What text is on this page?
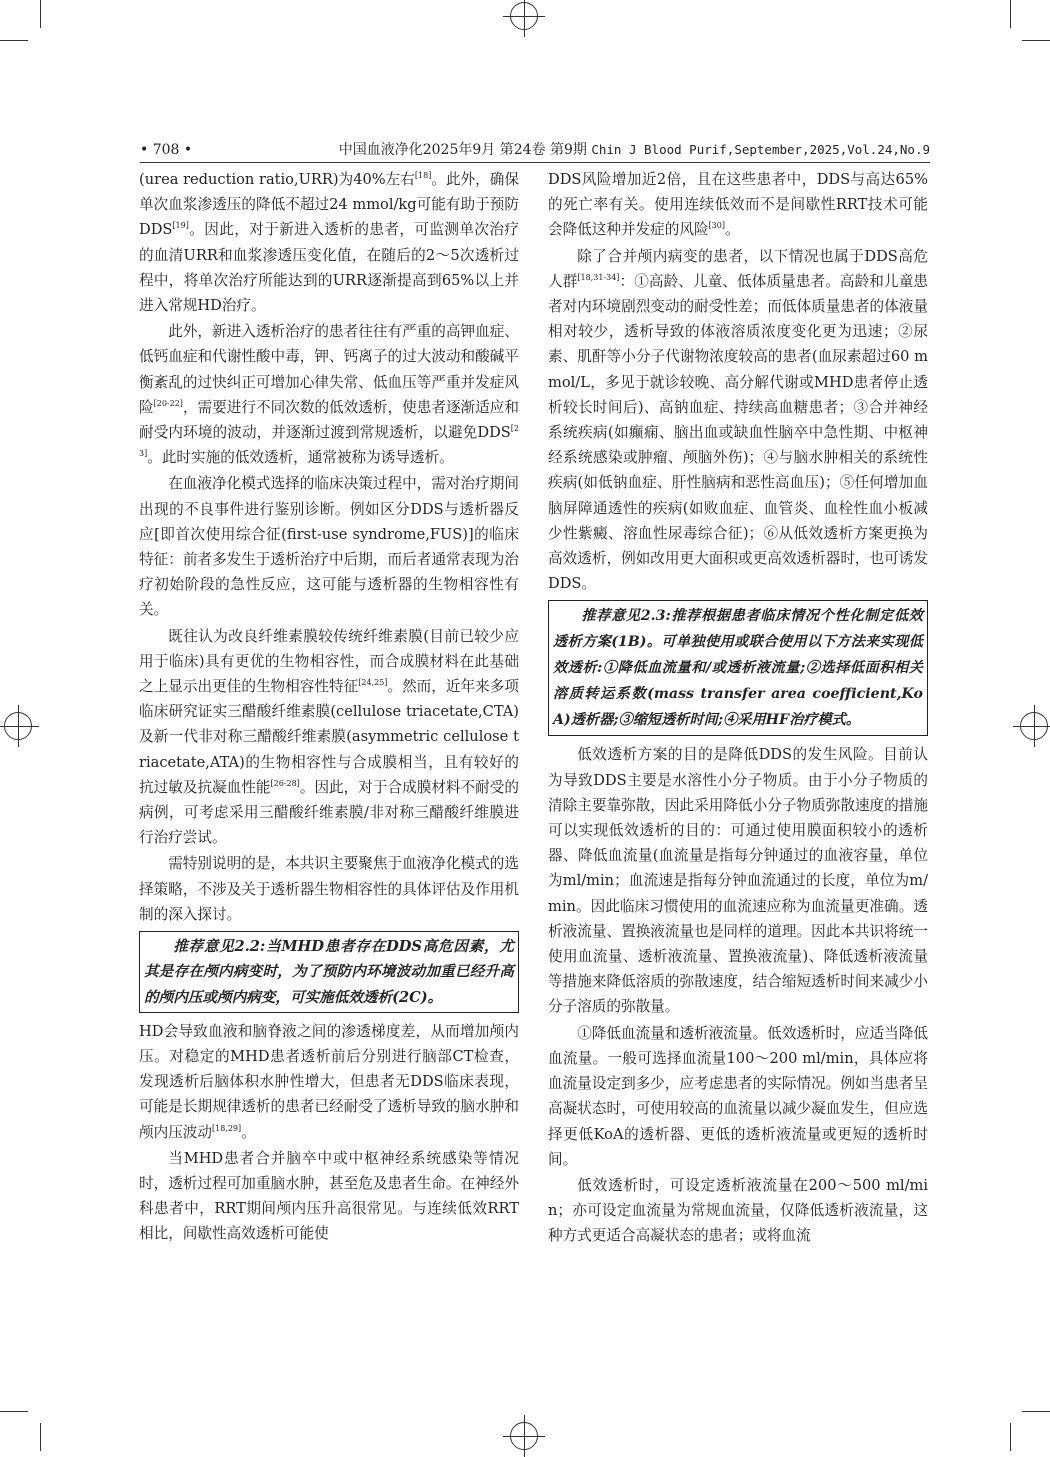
• 708 •	中国血液净化2025年9月 第24卷 第9期 Chin J Blood Purif,September,2025,Vol.24,No.9

(urea reduction ratio,URR)为40%左右[18]。此外，确保单次血浆渗透压的降低不超过24 mmol/kg可能有助于预防DDS[19]。因此，对于新进入透析的患者，可监测单次治疗的血清URR和血浆渗透压变化值，在随后的2～5次透析过程中，将单次治疗所能达到的URR逐渐提高到65%以上并进入常规HD治疗。

此外，新进入透析治疗的患者往往有严重的高钾血症、低钙血症和代谢性酸中毒，钾、钙离子的过大波动和酸碱平衡紊乱的过快纠正可增加心律失常、低血压等严重并发症风险[20-22]，需要进行不同次数的低效透析，使患者逐渐适应和耐受内环境的波动，并逐渐过渡到常规透析，以避免DDS[23]。此时实施的低效透析，通常被称为诱导透析。

在血液净化模式选择的临床决策过程中，需对治疗期间出现的不良事件进行鉴别诊断。例如区分DDS与透析器反应[即首次使用综合征(first-use syndrome,FUS)]的临床特征：前者多发生于透析治疗中后期，而后者通常表现为治疗初始阶段的急性反应，这可能与透析器的生物相容性有关。

既往认为改良纤维素膜较传统纤维素膜(目前已较少应用于临床)具有更优的生物相容性，而合成膜材料在此基础之上显示出更佳的生物相容性特征[24,25]。然而，近年来多项临床研究证实三醋酸纤维素膜(cellulose triacetate,CTA)及新一代非对称三醋酸纤维素膜(asymmetric cellulose triacetate,ATA)的生物相容性与合成膜相当，且有较好的抗过敏及抗凝血性能[26-28]。因此，对于合成膜材料不耐受的病例，可考虑采用三醋酸纤维素膜/非对称三醋酸纤维膜进行治疗尝试。

需特别说明的是，本共识主要聚焦于血液净化模式的选择策略，不涉及关于透析器生物相容性的具体评估及作用机制的深入探讨。

推荐意见2.2:当MHD患者存在DDS高危因素，尤其是存在颅内病变时，为了预防内环境波动加重已经升高的颅内压或颅内病变，可实施低效透析(2C)。

HD会导致血液和脑脊液之间的渗透梯度差，从而增加颅内压。对稳定的MHD患者透析前后分别进行脑部CT检查，发现透析后脑体积水肿性增大，但患者无DDS临床表现，可能是长期规律透析的患者已经耐受了透析导致的脑水肿和颅内压波动[18,29]。

当MHD患者合并脑卒中或中枢神经系统感染等情况时，透析过程可加重脑水肿，甚至危及患者生命。在神经外科患者中，RRT期间颅内压升高很常见。与连续低效RRT相比，间歇性高效透析可能使

DDS风险增加近2倍，且在这些患者中，DDS与高达65%的死亡率有关。使用连续低效而不是间歇性RRT技术可能会降低这种并发症的风险[30]。

除了合并颅内病变的患者，以下情况也属于DDS高危人群[18,31-34]：①高龄、儿童、低体质量患者。高龄和儿童患者对内环境剧烈变动的耐受性差；而低体质量患者的体液量相对较少，透析导致的体液溶质浓度变化更为迅速；②尿素、肌酐等小分子代谢物浓度较高的患者(血尿素超过60 mmol/L，多见于就诊较晚、高分解代谢或MHD患者停止透析较长时间后)、高钠血症、持续高血糖患者；③合并神经系统疾病(如癫痫、脑出血或缺血性脑卒中急性期、中枢神经系统感染或肿瘤、颅脑外伤)；④与脑水肿相关的系统性疾病(如低钠血症、肝性脑病和恶性高血压)；⑤任何增加血脑屏障通透性的疾病(如败血症、血管炎、血栓性血小板减少性紫癜、溶血性尿毒综合征)；⑥从低效透析方案更换为高效透析，例如改用更大面积或更高效透析器时，也可诱发DDS。

推荐意见2.3:推荐根据患者临床情况个性化制定低效透析方案(1B)。可单独使用或联合使用以下方法来实现低效透析:①降低血流量和/或透析液流量;②选择低面积相关溶质转运系数(mass transfer area coefficient,KoA)透析器;③缩短透析时间;④采用HF治疗模式。

低效透析方案的目的是降低DDS的发生风险。目前认为导致DDS主要是水溶性小分子物质。由于小分子物质的清除主要靠弥散，因此采用降低小分子物质弥散速度的措施可以实现低效透析的目的：可通过使用膜面积较小的透析器、降低血流量(血流量是指每分钟通过的血液容量，单位为ml/min；血流速是指每分钟血流通过的长度，单位为m/min。因此临床习惯使用的血流速应称为血流量更准确。透析液流量、置换液流量也是同样的道理。因此本共识将统一使用血流量、透析液流量、置换液流量)、降低透析液流量等措施来降低溶质的弥散速度，结合缩短透析时间来减少小分子溶质的弥散量。

①降低血流量和透析液流量。低效透析时，应适当降低血流量。一般可选择血流量100～200 ml/min，具体应将血流量设定到多少，应考虑患者的实际情况。例如当患者呈高凝状态时，可使用较高的血流量以减少凝血发生，但应选择更低KoA的透析器、更低的透析液流量或更短的透析时间。

低效透析时，可设定透析液流量在200～500 ml/min；亦可设定血流量为常规血流量，仅降低透析液流量，这种方式更适合高凝状态的患者；或将血流
